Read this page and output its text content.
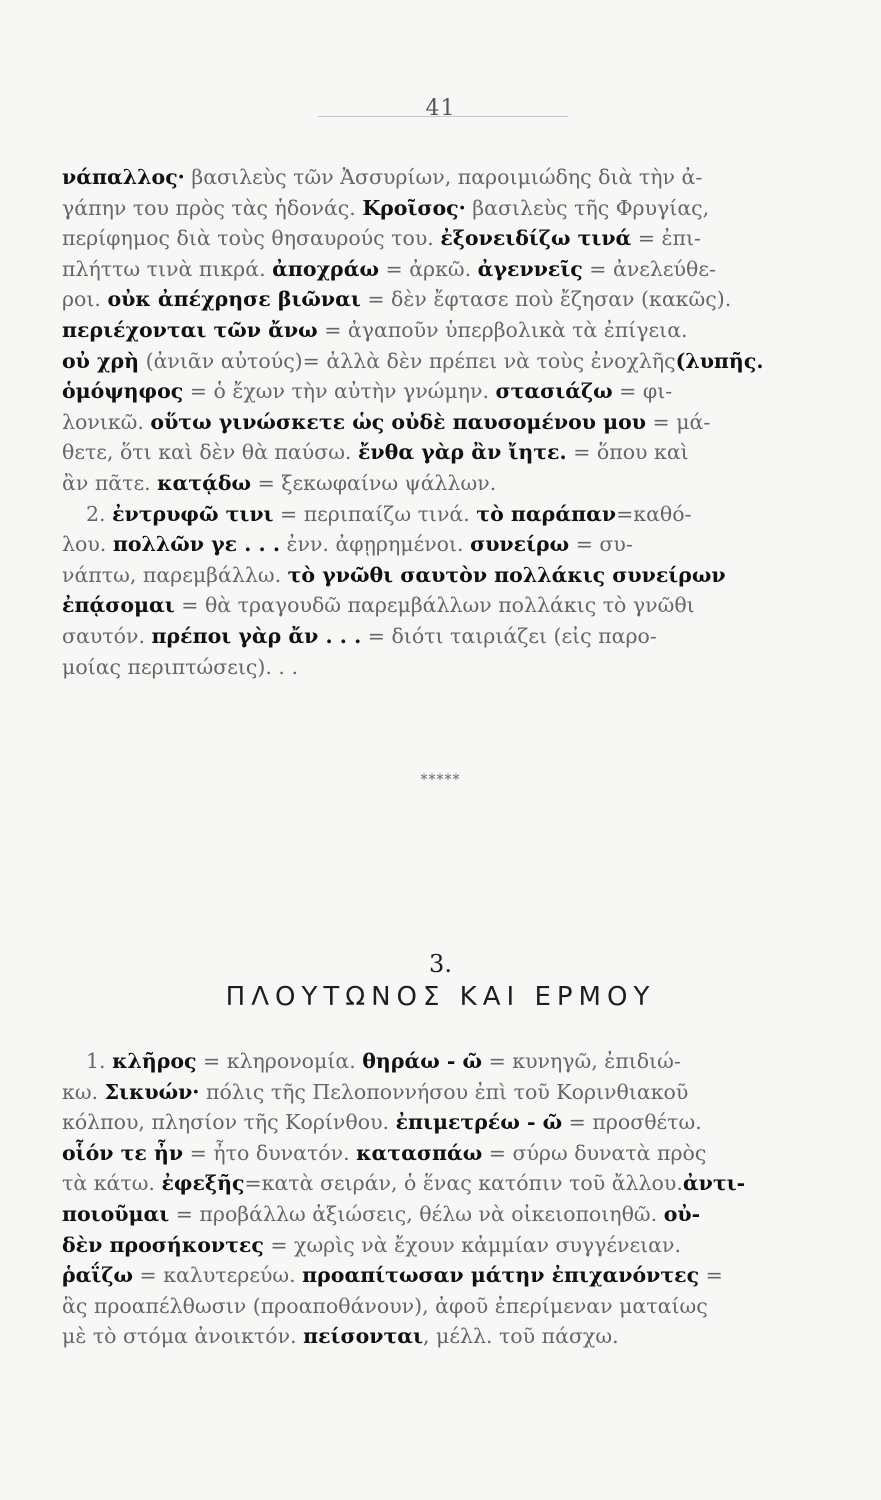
41
νάπαλλος· βασιλεὺς τῶν Ἀσσυρίων, παροιμιώδης διὰ τὴν ἀ-
γάπην του πρὸς τὰς ἡδονάς. Κροῖσος· βασιλεὺς τῆς Φρυγίας,
περίφημος διὰ τοὺς θησαυρούς του. ἐξονειδίζω τινά = ἐπι-
πλήττω τινὰ πικρά. ἀποχράω = ἀρκῶ. ἀγεννεῖς = ἀνελεύθε-
ροι. οὐκ ἀπέχρησε βιῶναι = δὲν ἔφτασε ποὺ ἔζησαν (κακῶς).
περιέχονται τῶν ἄνω = ἀγαποῦν ὑπερβολικὰ τὰ ἐπίγεια.
οὐ χρὴ (ἀνιᾶν αὐτούς)= ἀλλὰ δὲν πρέπει νὰ τοὺς ἐνοχλῆς(λυπῆς.
ὁμόψηφος = ὁ ἔχων τὴν αὐτὴν γνώμην. στασιάζω = φι-
λονικῶ. οὕτω γινώσκετε ὡς οὐδὲ παυσομένου μου = μά-
θετε, ὅτι καὶ δὲν θὰ παύσω. ἔνθα γὰρ ἂν ἴητε. = ὅπου καὶ
ἂν πᾶτε. κατᾴδω = ξεκωφαίνω ψάλλων.
2. ἐντρυφῶ τινι = περιπαίζω τινά. τὸ παράπαν=καθό-
λου. πολλῶν γε . . . ἐνν. ἀφῃρημένοι. συνείρω = συ-
νάπτω, παρεμβάλλω. τὸ γνῶθι σαυτὸν πολλάκις συνείρων
ἐπᾴσομαι = θὰ τραγουδῶ παρεμβάλλων πολλάκις τὸ γνῶθι
σαυτόν. πρέποι γὰρ ἄν . . . = διότι ταιριάζει (εἰς παρο-
μοίας περιπτώσεις). . .
*****
3.
ΠΛΟΥΤΩΝΟΣ ΚΑΙ ΕΡΜΟΥ
1. κλῆρος = κληρονομία. θηράω - ῶ = κυνηγῶ, ἐπιδιώ-
κω. Σικυών· πόλις τῆς Πελοποννήσου ἐπὶ τοῦ Κορινθιακοῦ
κόλπου, πλησίον τῆς Κορίνθου. ἐπιμετρέω - ῶ = προσθέτω.
οἷόν τε ἦν = ἦτο δυνατόν. κατασπάω = σύρω δυνατὰ πρὸς
τὰ κάτω. ἐφεξῆς=κατὰ σειράν, ὁ ἕνας κατόπιν τοῦ ἄλλου.ἀντι-
ποιοῦμαι = προβάλλω ἀξιώσεις, θέλω νὰ οἰκειοποιηθῶ. οὐ-
δὲν προσήκοντες = χωρὶς νὰ ἔχουν κἀμμίαν συγγένειαν.
ῥαΐζω = καλυτερεύω. προαπίτωσαν μάτην ἐπιχανόντες =
ἃς προαπέλθωσιν (προαποθάνουν), ἀφοῦ ἐπερίμεναν ματαίως
μὲ τὸ στόμα ἀνοικτόν. πείσονται, μέλλ. τοῦ πάσχω.
